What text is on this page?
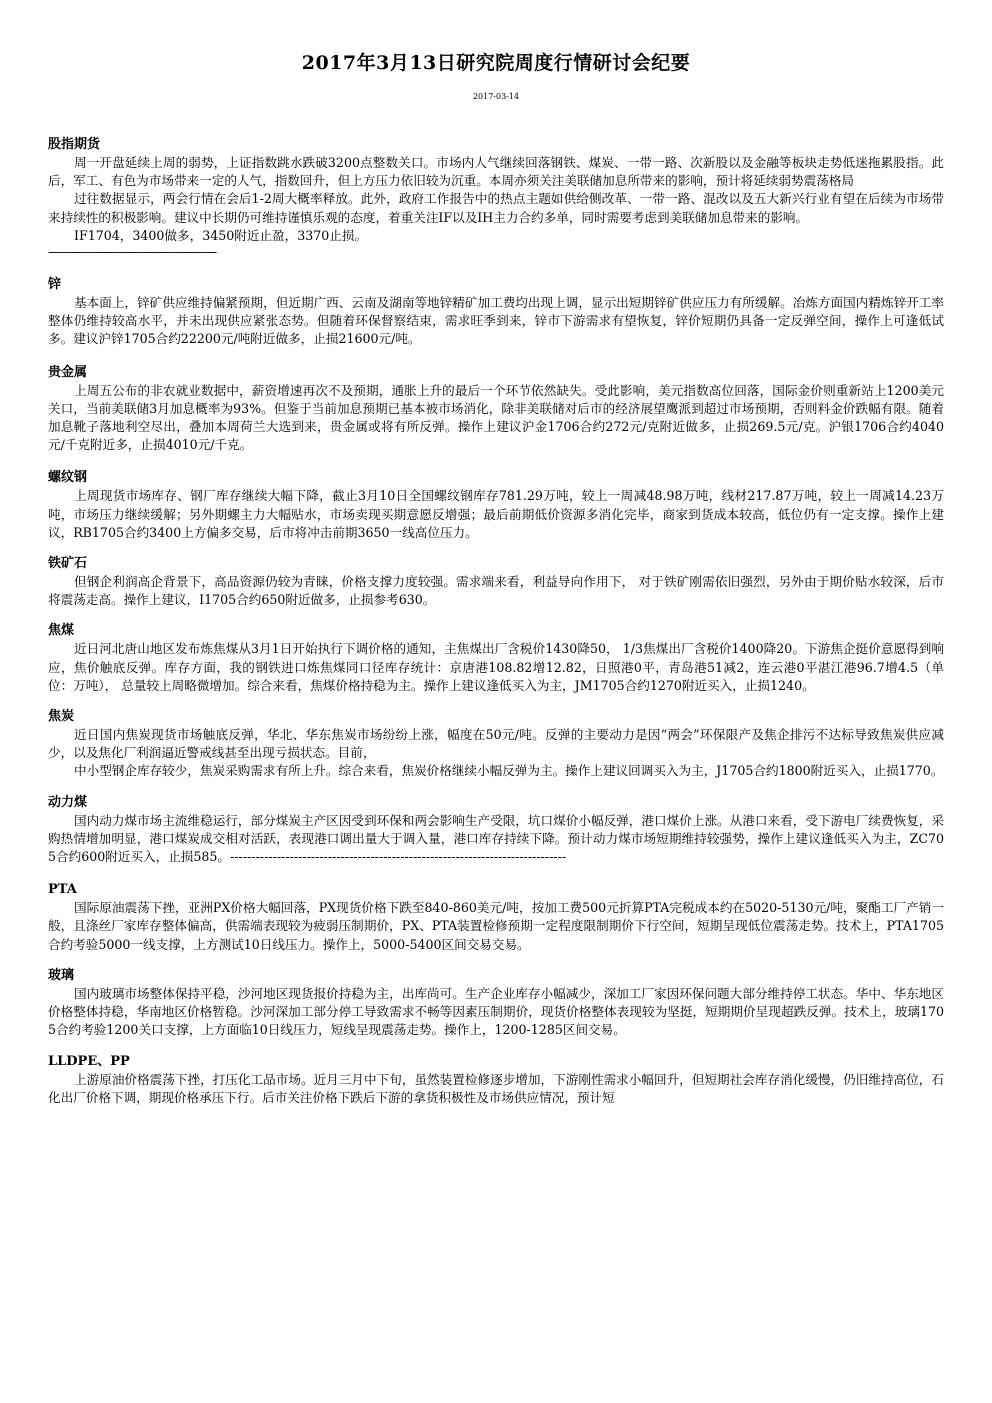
2017年3月13日研究院周度行情研讨会纪要

2017-03-14

股指期货

周一开盘延续上周的弱势，上证指数跳水跌破3200点整数关口。市场内人气继续回落钢铁、煤炭、一带一路、次新股以及金融等板块走势低迷拖累股指。此后，军工、有色为市场带来一定的人气，指数回升，但上方压力依旧较为沉重。本周亦须关注美联储加息所带来的影响，预计将延续弱势震荡格局

过往数据显示，两会行情在会后1-2周大概率释放。此外，政府工作报告中的热点主题如供给侧改革、一带一路、混改以及五大新兴行业有望在后续为市场带来持续性的积极影响。建议中长期仍可维持谨慎乐观的态度，着重关注IF以及IH主力合约多单，同时需要考虑到美联储加息带来的影响。

IF1704，3400做多，3450附近止盈，3370止损。

-------------------------------------------------------

锌

基本面上，锌矿供应维持偏紧预期，但近期广西、云南及湖南等地锌精矿加工费均出现上调，显示出短期锌矿供应压力有所缓解。冶炼方面国内精炼锌开工率整体仍维持较高水平，并未出现供应紧张态势。但随着环保督察结束，需求旺季到来，锌市下游需求有望恢复，锌价短期仍具备一定反弹空间，操作上可逢低试多。建议沪锌1705合约22200元/吨附近做多，止损21600元/吨。

贵金属

上周五公布的非农就业数据中，薪资增速再次不及预期，通胀上升的最后一个环节依然缺失。受此影响，美元指数高位回落，国际金价则重新站上1200美元关口，当前美联储3月加息概率为93%。但鉴于当前加息预期已基本被市场消化，除非美联储对后市的经济展望鹰派到超过市场预期，否则料金价跌幅有限。随着加息靴子落地利空尽出，叠加本周荷兰大选到来，贵金属或将有所反弹。操作上建议沪金1706合约272元/克附近做多，止损269.5元/克。沪银1706合约4040元/千克附近多，止损4010元/千克。

螺纹钢

上周现货市场库存、钢厂库存继续大幅下降，截止3月10日全国螺纹钢库存781.29万吨，较上一周减48.98万吨，线材217.87万吨，较上一周减14.23万吨，市场压力继续缓解；另外期螺主力大幅贴水，市场卖现买期意愿反增强；最后前期低价资源多消化完毕，商家到货成本较高，低位仍有一定支撑。操作上建议，RB1705合约3400上方偏多交易，后市将冲击前期3650一线高位压力。

铁矿石

但钢企利润高企背景下，高品资源仍较为青睐，价格支撑力度较强。需求端来看，利益导向作用下， 对于铁矿刚需依旧强烈，另外由于期价贴水较深，后市将震荡走高。操作上建议，I1705合约650附近做多，止损参考630。

焦煤

近日河北唐山地区发布炼焦煤从3月1日开始执行下调价格的通知，主焦煤出厂含税价1430降50， 1/3焦煤出厂含税价1400降20。下游焦企挺价意愿得到响应，焦价触底反弹。库存方面，我的钢铁进口炼焦煤同口径库存统计：京唐港108.82增12.82，日照港0平，青岛港51减2，连云港0平湛江港96.7增4.5（单位：万吨）， 总量较上周略微增加。综合来看，焦煤价格持稳为主。操作上建议逢低买入为主，JM1705合约1270附近买入，止损1240。

焦炭

近日国内焦炭现货市场触底反弹，华北、华东焦炭市场纷纷上涨，幅度在50元/吨。反弹的主要动力是因“两会”环保限产及焦企排污不达标导致焦炭供应减少，以及焦化厂利润逼近警戒线甚至出现亏损状态。目前，

中小型钢企库存较少，焦炭采购需求有所上升。综合来看，焦炭价格继续小幅反弹为主。操作上建议回调买入为主，J1705合约1800附近买入，止损1770。

动力煤

国内动力煤市场主流维稳运行，部分煤炭主产区因受到环保和两会影响生产受限，坑口煤价小幅反弹，港口煤价上涨。从港口来看，受下游电厂续费恢复，采购热情增加明显，港口煤炭成交相对活跃，表现港口调出量大于调入量，港口库存持续下降。预计动力煤市场短期维持较强势，操作上建议逢低买入为主，ZC705合约600附近买入，止损585。-------------------------------------------------------------------------------

PTA

国际原油震荡下挫，亚洲PX价格大幅回落，PX现货价格下跌至840-860美元/吨，按加工费500元折算PTA完税成本约在5020-5130元/吨，聚酯工厂产销一般，且涤丝厂家库存整体偏高，供需端表现较为疲弱压制期价，PX、PTA装置检修预期一定程度限制期价下行空间，短期呈现低位震荡走势。技术上，PTA1705合约考验5000一线支撑，上方测试10日线压力。操作上，5000-5400区间交易交易。

玻璃

国内玻璃市场整体保持平稳，沙河地区现货报价持稳为主，出库尚可。生产企业库存小幅减少，深加工厂家因环保问题大部分维持停工状态。华中、华东地区价格整体持稳，华南地区价格暂稳。沙河深加工部分停工导致需求不畅等因素压制期价，现货价格整体表现较为坚挺，短期期价呈现超跌反弹。技术上，玻璃1705合约考验1200关口支撑，上方面临10日线压力，短线呈现震荡走势。操作上，1200-1285区间交易。

LLDPE、PP

上游原油价格震荡下挫，打压化工品市场。近月三月中下旬，虽然装置检修逐步增加，下游刚性需求小幅回升，但短期社会库存消化缓慢，仍旧维持高位，石化出厂价格下调，期现价格承压下行。后市关注价格下跌后下游的拿货积极性及市场供应情况，预计短
